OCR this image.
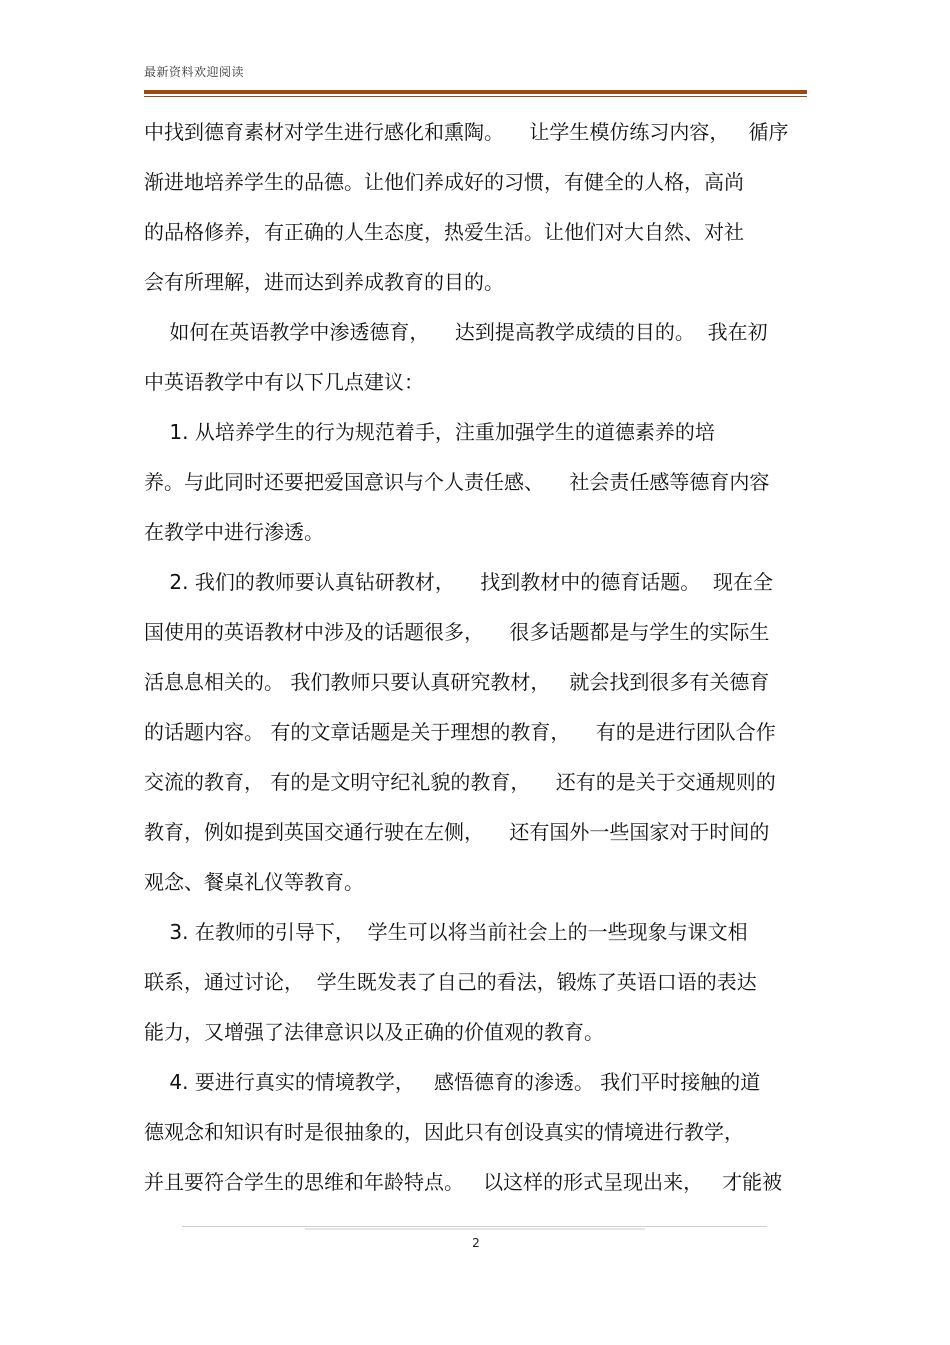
最新资料欢迎阅读
中找到德育素材对学生进行感化和熏陶。    让学生模仿练习内容，   循序
渐进地培养学生的品德。让他们养成好的习惯，有健全的人格，高尚
的品格修养，有正确的人生态度，热爱生活。让他们对大自然、对社
会有所理解，进而达到养成教育的目的。
如何在英语教学中渗透德育，    达到提高教学成绩的目的。  我在初
中英语教学中有以下几点建议：
1. 从培养学生的行为规范着手，注重加强学生的道德素养的培
养。与此同时还要把爱国意识与个人责任感、    社会责任感等德育内容
在教学中进行渗透。
2. 我们的教师要认真钻研教材，    找到教材中的德育话题。  现在全
国使用的英语教材中涉及的话题很多，    很多话题都是与学生的实际生
活息息相关的。 我们教师只要认真研究教材，   就会找到很多有关德育
的话题内容。 有的文章话题是关于理想的教育，    有的是进行团队合作
交流的教育， 有的是文明守纪礼貌的教育，    还有的是关于交通规则的
教育，例如提到英国交通行驶在左侧，    还有国外一些国家对于时间的
观念、餐桌礼仪等教育。
3. 在教师的引导下，  学生可以将当前社会上的一些现象与课文相
联系，通过讨论，  学生既发表了自己的看法，锻炼了英语口语的表达
能力，又增强了法律意识以及正确的价值观的教育。
4. 要进行真实的情境教学，   感悟德育的渗透。 我们平时接触的道
德观念和知识有时是很抽象的，因此只有创设真实的情境进行教学，
并且要符合学生的思维和年龄特点。   以这样的形式呈现出来，   才能被
2
